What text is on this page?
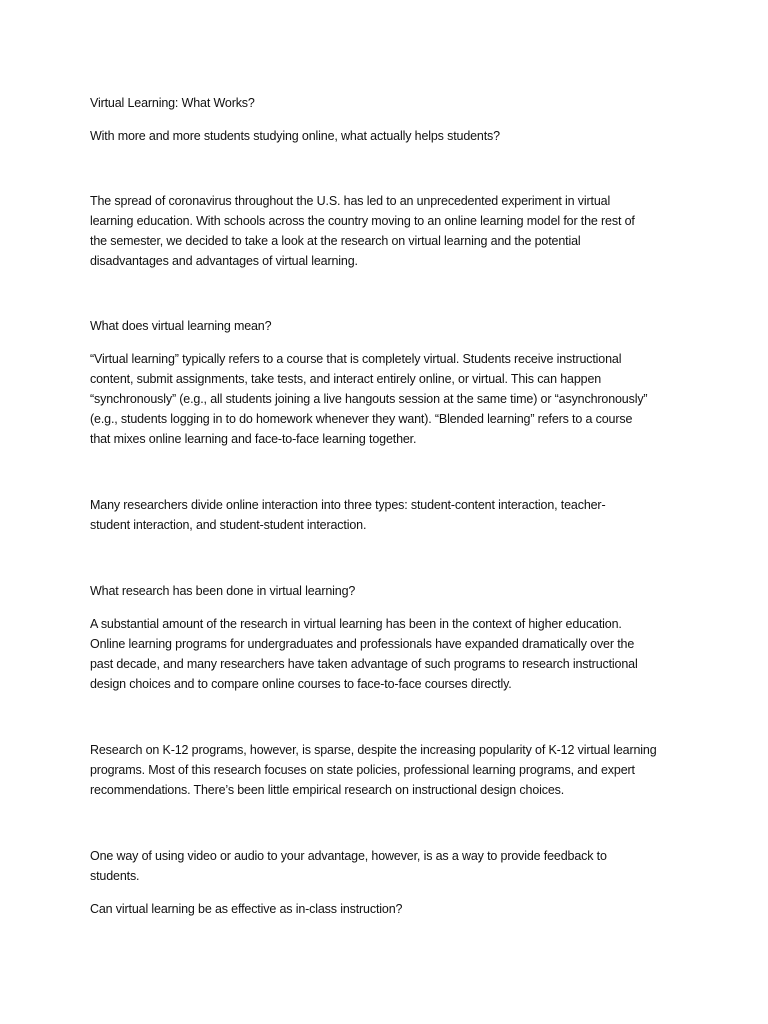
Virtual Learning: What Works?

With more and more students studying online, what actually helps students?

The spread of coronavirus throughout the U.S. has led to an unprecedented experiment in virtual

learning education. With schools across the country moving to an online learning model for the rest of

the semester, we decided to take a look at the research on virtual learning and the potential

disadvantages and advantages of virtual learning.

What does virtual learning mean?

“Virtual learning” typically refers to a course that is completely virtual. Students receive instructional

content, submit assignments, take tests, and interact entirely online, or virtual. This can happen

“synchronously” (e.g., all students joining a live hangouts session at the same time) or “asynchronously”

(e.g., students logging in to do homework whenever they want). “Blended learning” refers to a course

that mixes online learning and face-to-face learning together.

Many researchers divide online interaction into three types: student-content interaction, teacher-

student interaction, and student-student interaction.

What research has been done in virtual learning?

A substantial amount of the research in virtual learning has been in the context of higher education.

Online learning programs for undergraduates and professionals have expanded dramatically over the

past decade, and many researchers have taken advantage of such programs to research instructional

design choices and to compare online courses to face-to-face courses directly.

Research on K-12 programs, however, is sparse, despite the increasing popularity of K-12 virtual learning

programs. Most of this research focuses on state policies, professional learning programs, and expert

recommendations. There’s been little empirical research on instructional design choices.

One way of using video or audio to your advantage, however, is as a way to provide feedback to

students.

Can virtual learning be as effective as in-class instruction?
